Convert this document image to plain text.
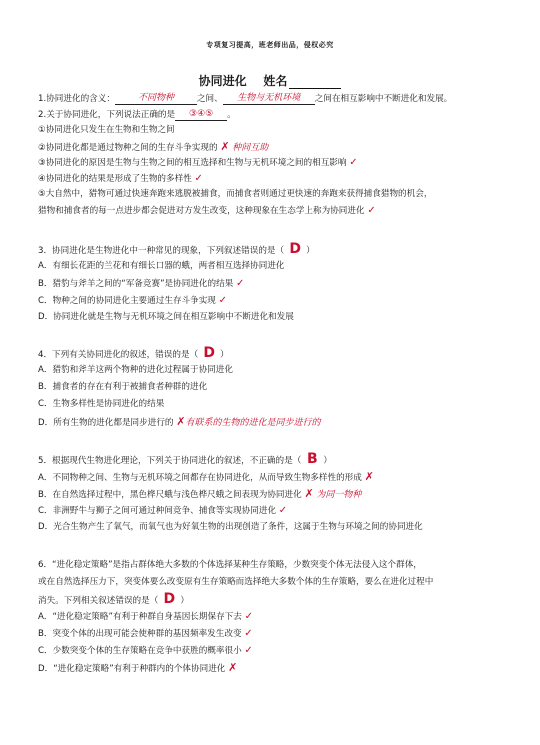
专项复习提高，班老师出品，侵权必究
协同进化 姓名
1.协同进化的含义：	不同物种	之间、 生物与无机环境 之间在相互影响中不断进化和发展。
2.关于协同进化，下列说法正确的是 ③④⑤ 。
①协同进化只发生在生物和生物之间
②协同进化都是通过物种之间的生存斗争实现的 ✗ 种间互助
③协同进化的原因是生物与生物之间的相互选择和生物与无机环境之间的相互影响 ✓
④协同进化的结果是形成了生物的多样性 ✓
⑤大自然中，猎物可通过快速奔跑来逃脱被捕食，而捕食者则通过更快速的奔跑来获得捕食猎物的机会，
猎物和捕食者的每一点进步都会促进对方发生改变，这种现象在生态学上称为协同进化 ✓
3．协同进化是生物进化中一种常见的现象，下列叙述错误的是（ D ）
A．有细长花距的兰花和有细长口器的蛾，两者相互选择协同进化
B．猎豹与斧羊之间的“军备竞赛”是协同进化的结果 ✓
C．物种之间的协同进化主要通过生存斗争实现 ✓
D．协同进化就是生物与无机环境之间在相互影响中不断进化和发展
4．下列有关协同进化的叙述，错误的是（ D ）
A．猎豹和斧羊这两个物种的进化过程属于协同进化
B．捕食者的存在有利于被捕食者种群的进化
C．生物多样性是协同进化的结果
D．所有生物的进化都是同步进行的 ✗有联系的生物的进化是同步进行的
5．根据现代生物进化理论，下列关于协同进化的叙述，不正确的是（ B ）
A．不同物种之间、生物与无机环境之间都存在协同进化，从而导致生物多样性的形成 ✗
B．在自然选择过程中，黑色桦尺蛾与浅色桦尺蛾之间表现为协同进化 ✗ 为同一物种
C．非洲野牛与狮子之间可通过种间竞争、捕食等实现协同进化 ✓
D．光合生物产生了氧气，而氧气也为好氧生物的出现创造了条件，这属于生物与环境之间的协同进化
6．“进化稳定策略”是指占群体绝大多数的个体选择某种生存策略，少数突变个体无法侵入这个群体，
或在自然选择压力下，突变体要么改变原有生存策略而选择绝大多数个体的生存策略，要么在进化过程中
消失。下列相关叙述错误的是（ D ）
A．“进化稳定策略”有利于种群自身基因长期保存下去 ✓
B．突变个体的出现可能会使种群的基因频率发生改变 ✓
C．少数突变个体的生存策略在竞争中获胜的概率很小 ✓
D．“进化稳定策略”有利于种群内的个体协同进化 ✗
